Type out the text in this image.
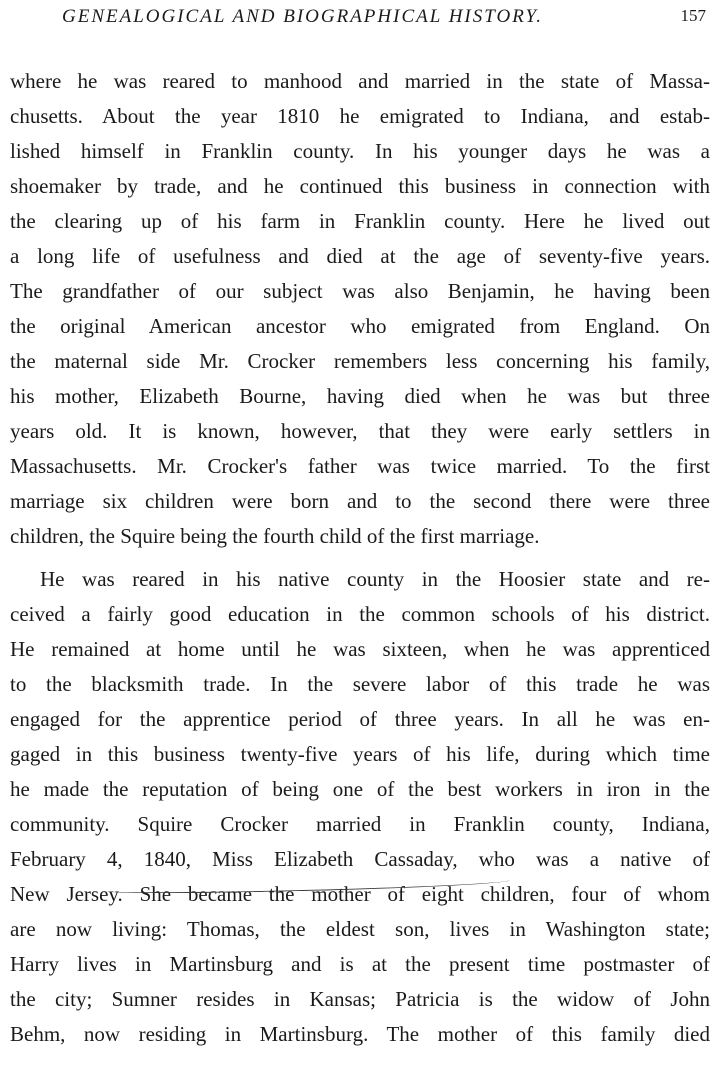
GENEALOGICAL AND BIOGRAPHICAL HISTORY.	157
where he was reared to manhood and married in the state of Massa-
chusetts. About the year 1810 he emigrated to Indiana, and estab-
lished himself in Franklin county. In his younger days he was a
shoemaker by trade, and he continued this business in connection with
the clearing up of his farm in Franklin county. Here he lived out
a long life of usefulness and died at the age of seventy-five years.
The grandfather of our subject was also Benjamin, he having been
the original American ancestor who emigrated from England. On
the maternal side Mr. Crocker remembers less concerning his family,
his mother, Elizabeth Bourne, having died when he was but three
years old. It is known, however, that they were early settlers in
Massachusetts. Mr. Crocker's father was twice married. To the first
marriage six children were born and to the second there were three
children, the Squire being the fourth child of the first marriage.
He was reared in his native county in the Hoosier state and re-
ceived a fairly good education in the common schools of his district.
He remained at home until he was sixteen, when he was apprenticed
to the blacksmith trade. In the severe labor of this trade he was
engaged for the apprentice period of three years. In all he was en-
gaged in this business twenty-five years of his life, during which time
he made the reputation of being one of the best workers in iron in the
community. Squire Crocker married in Franklin county, Indiana,
February 4, 1840, Miss Elizabeth Cassaday, who was a native of
New Jersey. She became the mother of eight children, four of whom
are now living: Thomas, the eldest son, lives in Washington state;
Harry lives in Martinsburg and is at the present time postmaster of
the city; Sumner resides in Kansas; Patricia is the widow of John
Behm, now residing in Martinsburg. The mother of this family died
